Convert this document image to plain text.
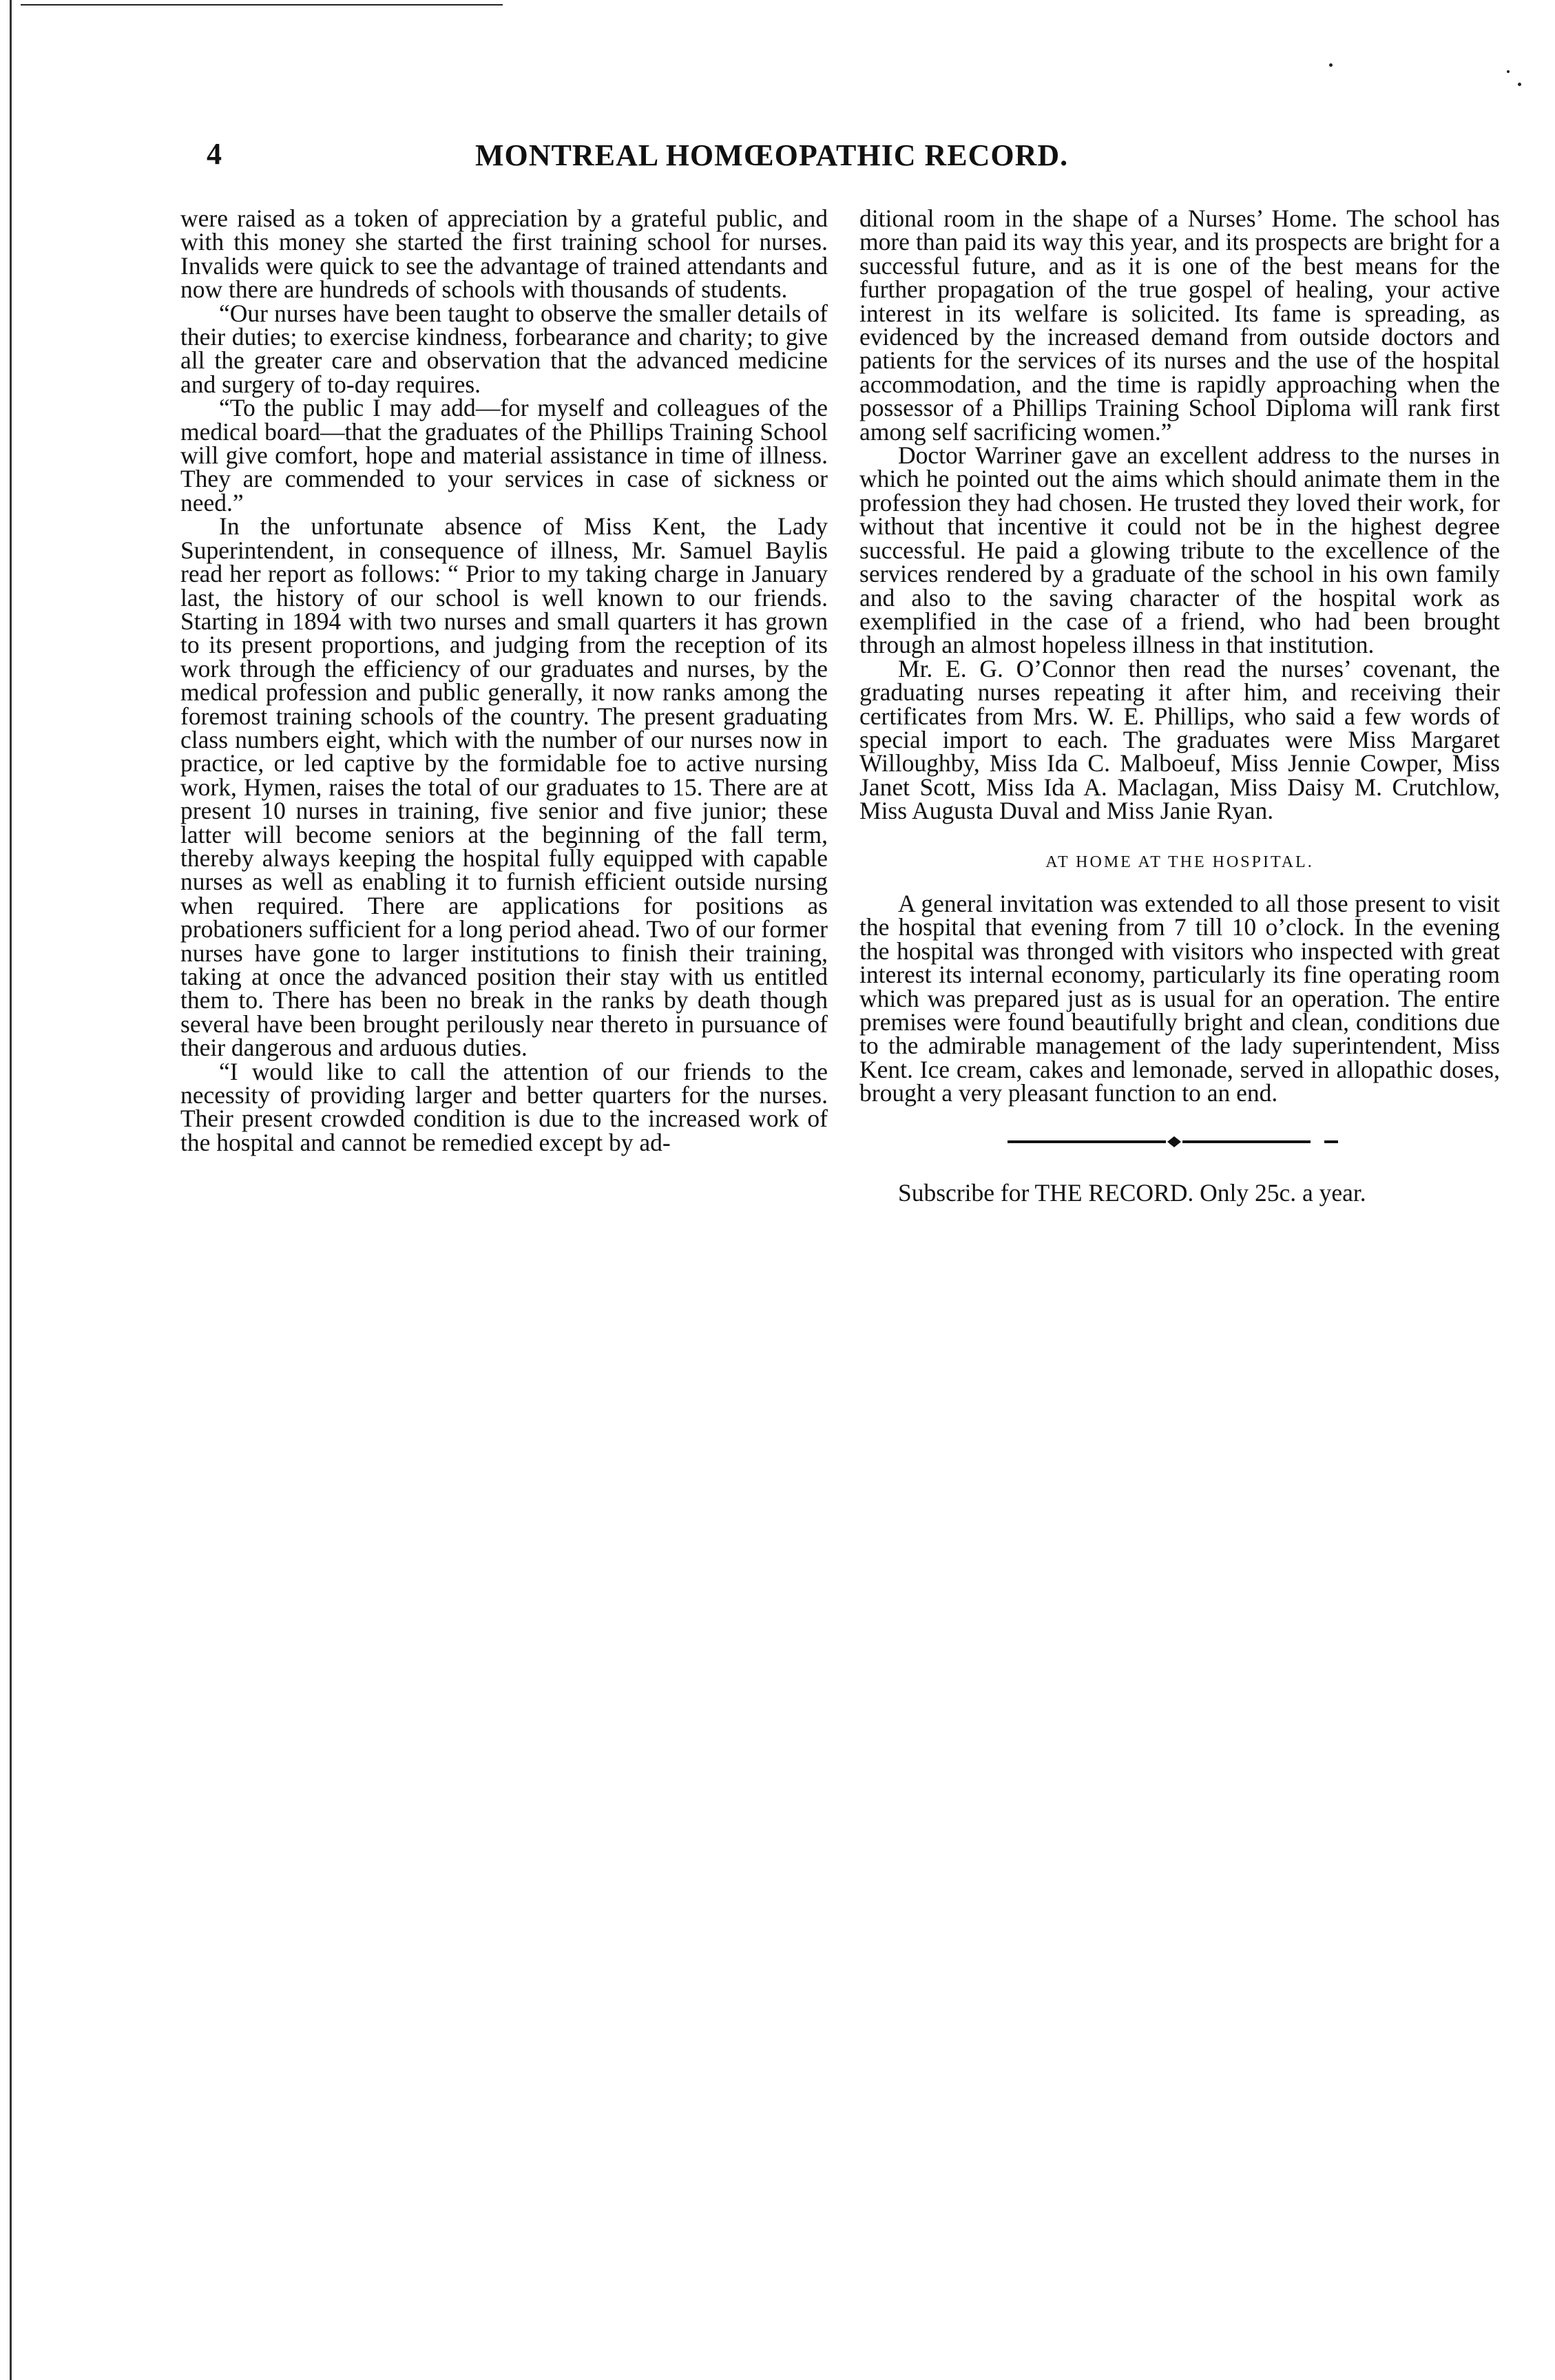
4	MONTREAL HOMŒOPATHIC RECORD.

were raised as a token of appreciation by a grateful public, and with this money she started the first training school for nurses. Invalids were quick to see the advantage of trained attendants and now there are hundreds of schools with thousands of students.

“Our nurses have been taught to observe the smaller details of their duties; to exercise kindness, forbearance and charity; to give all the greater care and observation that the advanced medicine and surgery of to-day requires.

“To the public I may add—for myself and colleagues of the medical board—that the graduates of the Phillips Training School will give comfort, hope and material assistance in time of illness. They are commended to your services in case of sickness or need.”

In the unfortunate absence of Miss Kent, the Lady Superintendent, in consequence of illness, Mr. Samuel Baylis read her report as follows: “ Prior to my taking charge in January last, the history of our school is well known to our friends. Starting in 1894 with two nurses and small quarters it has grown to its present proportions, and judging from the reception of its work through the efficiency of our graduates and nurses, by the medical profession and public generally, it now ranks among the foremost training schools of the country. The present graduating class numbers eight, which with the number of our nurses now in practice, or led captive by the formidable foe to active nursing work, Hymen, raises the total of our graduates to 15. There are at present 10 nurses in training, five senior and five junior; these latter will become seniors at the beginning of the fall term, thereby always keeping the hospital fully equipped with capable nurses as well as enabling it to furnish efficient outside nursing when required. There are applications for positions as probationers sufficient for a long period ahead. Two of our former nurses have gone to larger institutions to finish their training, taking at once the advanced position their stay with us entitled them to. There has been no break in the ranks by death though several have been brought perilously near thereto in pursuance of their dangerous and arduous duties.

“I would like to call the attention of our friends to the necessity of providing larger and better quarters for the nurses. Their present crowded condition is due to the increased work of the hospital and cannot be remedied except by ad-

ditional room in the shape of a Nurses’ Home. The school has more than paid its way this year, and its prospects are bright for a successful future, and as it is one of the best means for the further propagation of the true gospel of healing, your active interest in its welfare is solicited. Its fame is spreading, as evidenced by the increased demand from outside doctors and patients for the services of its nurses and the use of the hospital accommodation, and the time is rapidly approaching when the possessor of a Phillips Training School Diploma will rank first among self sacrificing women.”

Doctor Warriner gave an excellent address to the nurses in which he pointed out the aims which should animate them in the profession they had chosen. He trusted they loved their work, for without that incentive it could not be in the highest degree successful. He paid a glowing tribute to the excellence of the services rendered by a graduate of the school in his own family and also to the saving character of the hospital work as exemplified in the case of a friend, who had been brought through an almost hopeless illness in that institution.

Mr. E. G. O’Connor then read the nurses’ covenant, the graduating nurses repeating it after him, and receiving their certificates from Mrs. W. E. Phillips, who said a few words of special import to each. The graduates were Miss Margaret Willoughby, Miss Ida C. Malboeuf, Miss Jennie Cowper, Miss Janet Scott, Miss Ida A. Maclagan, Miss Daisy M. Crutchlow, Miss Augusta Duval and Miss Janie Ryan.

AT HOME AT THE HOSPITAL.

A general invitation was extended to all those present to visit the hospital that evening from 7 till 10 o’clock. In the evening the hospital was thronged with visitors who inspected with great interest its internal economy, particularly its fine operating room which was prepared just as is usual for an operation. The entire premises were found beautifully bright and clean, conditions due to the admirable management of the lady superintendent, Miss Kent. Ice cream, cakes and lemonade, served in allopathic doses, brought a very pleasant function to an end.

Subscribe for THE RECORD. Only 25c. a year.
